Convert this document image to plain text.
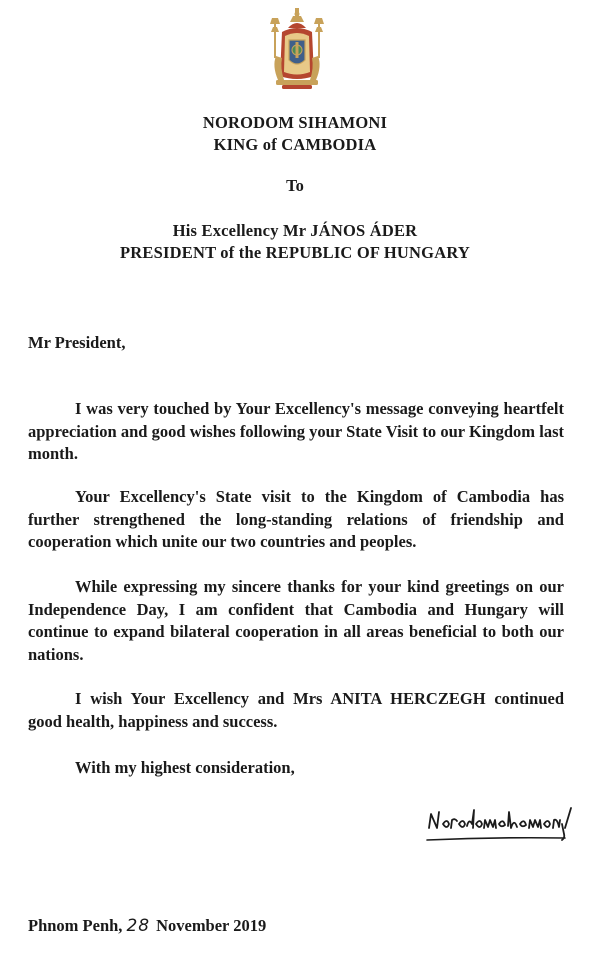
NORODOM SIHAMONI
KING of CAMBODIA
To
His Excellency Mr JÁNOS ÁDER
PRESIDENT of the REPUBLIC OF HUNGARY
Mr President,

I was very touched by Your Excellency's message conveying heartfelt appreciation and good wishes following your State Visit to our Kingdom last month.

Your Excellency's State visit to the Kingdom of Cambodia has further strengthened the long-standing relations of friendship and cooperation which unite our two countries and peoples.

While expressing my sincere thanks for your kind greetings on our Independence Day, I am confident that Cambodia and Hungary will continue to expand bilateral cooperation in all areas beneficial to both our nations.

I wish Your Excellency and Mrs ANITA HERCZEGH continued good health, happiness and success.

With my highest consideration,
Phnom Penh, 28 November 2019
